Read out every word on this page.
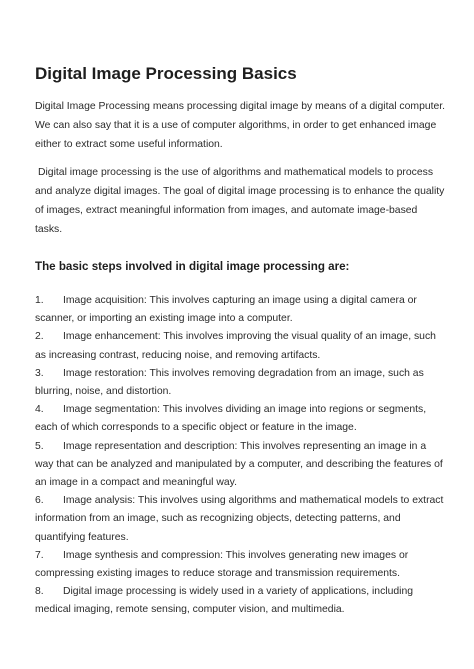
Digital Image Processing Basics

Digital Image Processing means processing digital image by means of a digital computer. We can also say that it is a use of computer algorithms, in order to get enhanced image either to extract some useful information.

Digital image processing is the use of algorithms and mathematical models to process and analyze digital images. The goal of digital image processing is to enhance the quality of images, extract meaningful information from images, and automate image-based tasks.

The basic steps involved in digital image processing are:
1. Image acquisition: This involves capturing an image using a digital camera or scanner, or importing an existing image into a computer.
2. Image enhancement: This involves improving the visual quality of an image, such as increasing contrast, reducing noise, and removing artifacts.
3. Image restoration: This involves removing degradation from an image, such as blurring, noise, and distortion.
4. Image segmentation: This involves dividing an image into regions or segments, each of which corresponds to a specific object or feature in the image.
5. Image representation and description: This involves representing an image in a way that can be analyzed and manipulated by a computer, and describing the features of an image in a compact and meaningful way.
6. Image analysis: This involves using algorithms and mathematical models to extract information from an image, such as recognizing objects, detecting patterns, and quantifying features.
7. Image synthesis and compression: This involves generating new images or compressing existing images to reduce storage and transmission requirements.
8. Digital image processing is widely used in a variety of applications, including medical imaging, remote sensing, computer vision, and multimedia.
